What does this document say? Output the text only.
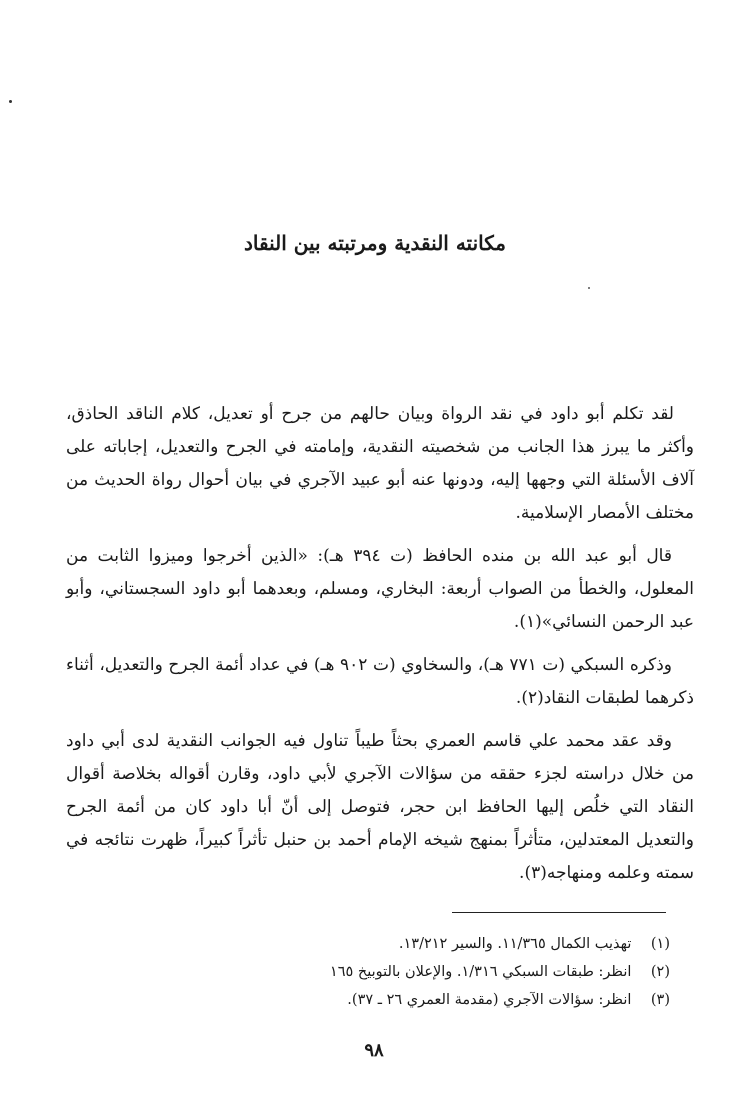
مكانته النقدية ومرتبته بين النقاد

لقد تكلم أبو داود في نقد الرواة وبيان حالهم من جرح أو تعديل، كلام الناقد الحاذق، وأكثر ما يبرز هذا الجانب من شخصيته النقدية، وإمامته في الجرح والتعديل، إجاباته على آلاف الأسئلة التي وجهها إليه، ودونها عنه أبو عبيد الآجري في بيان أحوال رواة الحديث من مختلف الأمصار الإسلامية.

قال أبو عبد الله بن منده الحافظ (ت ٣٩٤ هـ): «الذين أخرجوا وميزوا الثابت من المعلول، والخطأ من الصواب أربعة: البخاري، ومسلم، وبعدهما أبو داود السجستاني، وأبو عبد الرحمن النسائي»(١).

وذكره السبكي (ت ٧٧١ هـ)، والسخاوي (ت ٩٠٢ هـ) في عداد أئمة الجرح والتعديل، أثناء ذكرهما لطبقات النقاد(٢).

وقد عقد محمد علي قاسم العمري بحثاً طيباً تناول فيه الجوانب النقدية لدى أبي داود من خلال دراسته لجزء حققه من سؤالات الآجري لأبي داود، وقارن أقواله بخلاصة أقوال النقاد التي خلُص إليها الحافظ ابن حجر، فتوصل إلى أنّ أبا داود كان من أئمة الجرح والتعديل المعتدلين، متأثراً بمنهج شيخه الإمام أحمد بن حنبل تأثراً كبيراً، ظهرت نتائجه في سمته وعلمه ومنهاجه(٣).

(١) تهذيب الكمال ١١/٣٦٥. والسير ١٣/٢١٢.
(٢) انظر: طبقات السبكي ١/٣١٦. والإعلان بالتوبيخ ١٦٥
(٣) انظر: سؤالات الآجري (مقدمة العمري ٢٦ ـ ٣٧).
٩٨
